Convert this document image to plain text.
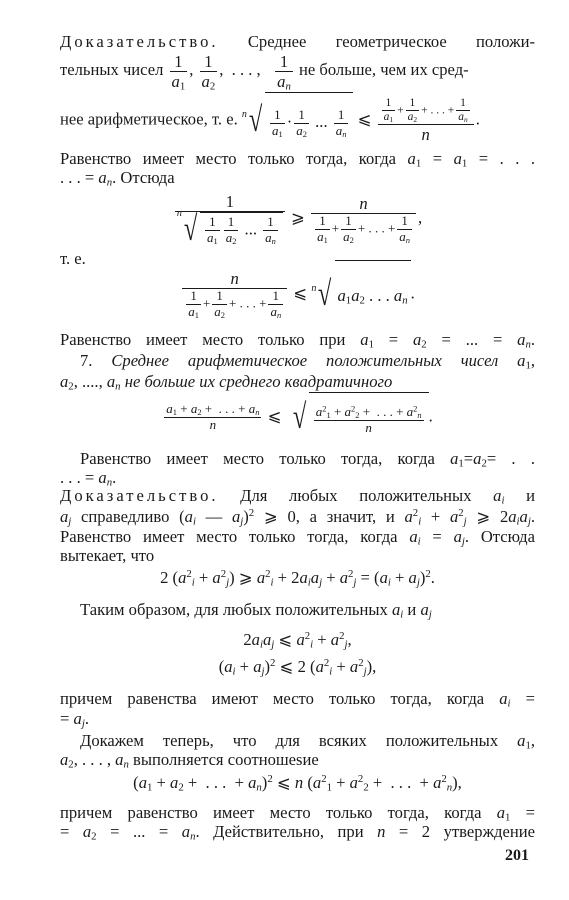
Доказательство. Среднее геометрическое положи-
тельных чисел $\frac{1}{a_1}$ , $\frac{1}{a_2}$ ,  . . . , $\frac{1}{a_n}$ не больше, чем их сред-
нее арифметическое, т. е. n √ $\frac{1}{a_1} \cdot \frac{1}{a_2}$ ... $\frac{1}{a_n}$ ⩽ $\frac{\frac{1}{a_1} + \frac{1}{a_2} + . . . + \frac{1}{a_n}}{n}$ .
Равенство имеет место только тогда, когда $a_1 = a_1$ = . . .
. . . = $a_n$. Отсюда
$\frac{1}{n √ \frac{1}{a_1} \frac{1}{a_2} ... \frac{1}{a_n}}$ ⩾ $\frac{n}{\frac{1}{a_1} + \frac{1}{a_2} + . . . + \frac{1}{a_n}}$ ,
т. е.
$\frac{n}{\frac{1}{a_1} + \frac{1}{a_2} + . . . + \frac{1}{a_n}}$ ⩽ n √ $a_1a_2$ . . . $a_n$ .
Равенство имеет место только при $a_1 = a_2$ = ... = $a_n$.
7. Среднее арифметическое положительных чисел $a_1$,
$a_2$, ...., $a_n$ не больше их среднего квадратичного
$\frac{a_1 + a_2 + . . . + a_n}{n}$ ⩽ √ $\frac{a^2_1 + a^2_2 + . . . + a^2_n}{n}$ .
Равенство имеет место только тогда, когда $a_1=a_2=$ . .
. . . = $a_n$.
Доказательство. Для любых положительных $a_i$ и
$a_j$ справедливо ($a_i$ — $a_j)^2$ ⩾ 0, а значит, и $a^2_i + a^2_j$ ⩾ $2a_ia_j$.
Равенство имеет место только тогда, когда $a_i = a_j$. Отсюда
вытекает, что
2 $(a^2_i + a^2_j)$ ⩾ $a^2_i + 2a_ia_j + a^2_j = (a_i + a_j)^2$.
Таким образом, для любых положительных $a_i$ и $a_j$
$2a_ia_j$ ⩽ $a^2_i + a^2_j$,
$(a_i + a_j)^2$ ⩽ 2 $(a^2_i + a^2_j)$,
причем равенства имеют место только тогда, когда $a_i$ =
= $a_j$.
Докажем теперь, что для всяких положительных $a_1$,
$a_2$, . . . , $a_n$ выполняется соотношеsие
($a_1 + a_2$ +  . . .  + $a_n)^2$ ⩽ n ($a^2_1 + a^2_2$ +  . . .  + $a^2_n$),
причем равенство имеет место только тогда, когда $a_1$ =
= $a_2$ = ... = $a_n$. Действительно, при n = 2 утверждение
201
